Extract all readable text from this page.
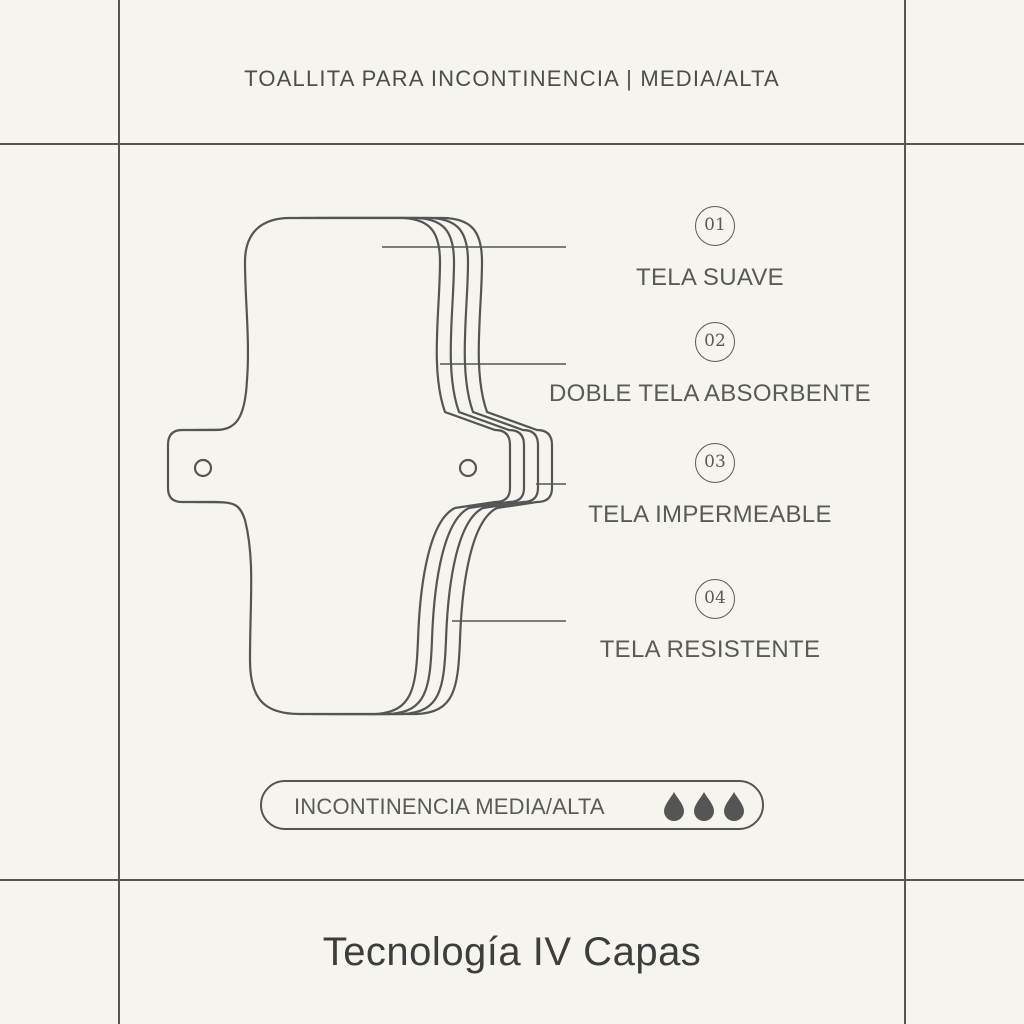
TOALLITA PARA INCONTINENCIA | MEDIA/ALTA
01
TELA SUAVE
02
DOBLE TELA ABSORBENTE
03
TELA IMPERMEABLE
04
TELA RESISTENTE
INCONTINENCIA MEDIA/ALTA
Tecnología IV Capas
